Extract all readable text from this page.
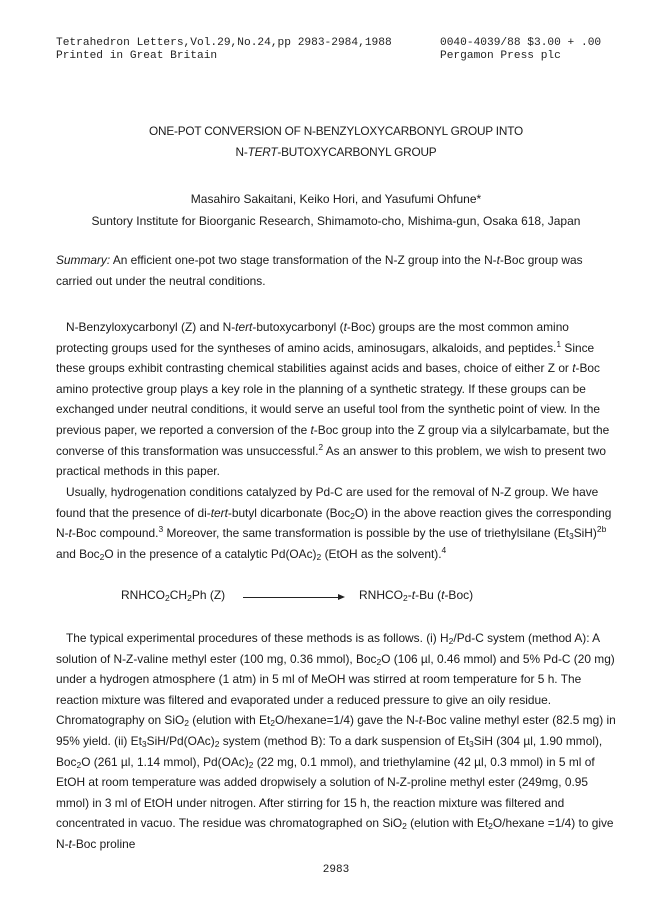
Tetrahedron Letters,Vol.29,No.24,pp 2983-2984,1988
Printed in Great Britain
0040-4039/88 $3.00 + .00
Pergamon Press plc
ONE-POT CONVERSION OF N-BENZYLOXYCARBONYL GROUP INTO
N-TERT-BUTOXYCARBONYL GROUP
Masahiro Sakaitani, Keiko Hori, and Yasufumi Ohfune*
Suntory Institute for Bioorganic Research, Shimamoto-cho, Mishima-gun, Osaka 618, Japan

Summary: An efficient one-pot two stage transformation of the N-Z group into the N-t-Boc group was carried out under the neutral conditions.

N-Benzyloxycarbonyl (Z) and N-tert-butoxycarbonyl (t-Boc) groups are the most common amino protecting groups used for the syntheses of amino acids, aminosugars, alkaloids, and peptides.$^1$ Since these groups exhibit contrasting chemical stabilities against acids and bases, choice of either Z or t-Boc amino protective group plays a key role in the planning of a synthetic strategy. If these groups can be exchanged under neutral conditions, it would serve an useful tool from the synthetic point of view. In the previous paper, we reported a conversion of the t-Boc group into the Z group via a silylcarbamate, but the converse of this transformation was unsuccessful.$^2$ As an answer to this problem, we wish to present two practical methods in this paper.

Usually, hydrogenation conditions catalyzed by Pd-C are used for the removal of N-Z group. We have found that the presence of di-tert-butyl dicarbonate (Boc$_2$O) in the above reaction gives the corresponding N-t-Boc compound.$^3$ Moreover, the same transformation is possible by the use of triethylsilane $(Et_3SiH)^{2b}$ and Boc$_2$O in the presence of a catalytic $Pd(OAc)_2$ (EtOH as the solvent).$^4$

$RNHCO_2CH_2Ph$ (Z)	$RNHCO_2-t-Bu$ (t-Boc)

The typical experimental procedures of these methods is as follows. (i) $H_2/Pd-C$ system (method A): A solution of N-Z-valine methyl ester (100 mg, 0.36 mmol), Boc$_2$O (106 µl, 0.46 mmol) and 5% Pd-C (20 mg) under a hydrogen atmosphere (1 atm) in 5 ml of MeOH was stirred at room temperature for 5 h. The reaction mixture was filtered and evaporated under a reduced pressure to give an oily residue. Chromatography on SiO$_2$ (elution with $Et_2O/hexane=1/4$) gave the N-t-Boc valine methyl ester (82.5 mg) in 95% yield. (ii) $Et_3SiH/Pd(OAc)_2$ system (method B): To a dark suspension of $Et_3SiH$ (304 µl, 1.90 mmol), Boc$_2$O (261 µl, 1.14 mmol), $Pd(OAc)_2$ (22 mg, 0.1 mmol), and triethylamine (42 µl, 0.3 mmol) in 5 ml of EtOH at room temperature was added dropwisely a solution of N-Z-proline methyl ester (249mg, 0.95 mmol) in 3 ml of EtOH under nitrogen. After stirring for 15 h, the reaction mixture was filtered and concentrated in vacuo. The residue was chromatographed on SiO$_2$ (elution with $Et_2O$/hexane =1/4) to give N-t-Boc proline

2983
